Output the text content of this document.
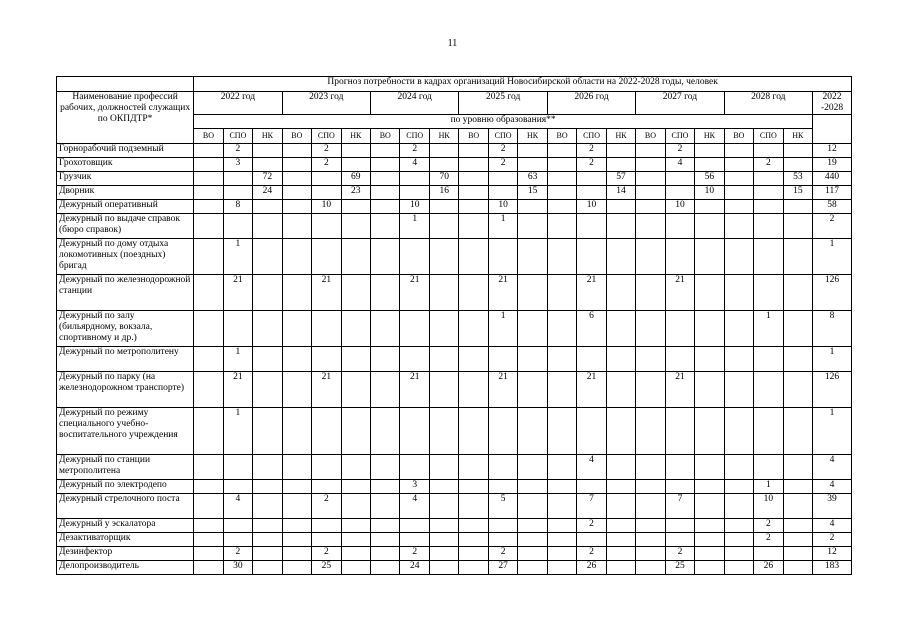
11
	Прогноз потребности в кадрах организаций Новосибирской области на 2022-2028 годы, человек																					
Наименование профессий рабочих, должностей служащих по ОКПДТР*	2022 год			2023 год			2024 год			2025 год			2026 год			2027 год			2028 год			2022 -2028
	по уровню образования**																					
	ВО	СПО	НК	ВО	СПО	НК	ВО	СПО	НК	ВО	СПО	НК	ВО	СПО	НК	ВО	СПО	НК	ВО	СПО	НК	
Горнорабочий подземный		2			2			2			2			2			2					12
Грохотовщик		3			2			4			2			2			4			2		19
Грузчик			72			69			70			63			57			56			53	440
Дворник			24			23			16			15			14			10			15	117
Дежурный оперативный		8			10			10			10			10			10					58
Дежурный по выдаче справок (бюро справок)								1			1											2
Дежурный по дому отдыха локомотивных (поездных) бригад		1																				1
Дежурный по железнодорожной станции		21			21			21			21			21			21					126
Дежурный по залу (бильярдному, вокзала, спортивному и др.)											1			6						1		8
Дежурный по метрополитену		1																				1
Дежурный по парку (на железнодорожном транспорте)		21			21			21			21			21			21					126
Дежурный по режиму специального учебно-воспитательного учреждения		1																				1
Дежурный по станции метрополитена														4								4
Дежурный по электродепо								3												1		4
Дежурный стрелочного поста		4			2			4			5			7			7			10		39
Дежурный у эскалатора														2						2		4
Дезактиваторщик																				2		2
Дезинфектор		2			2			2			2			2			2					12
Делопроизводитель		30			25			24			27			26			25			26		183
